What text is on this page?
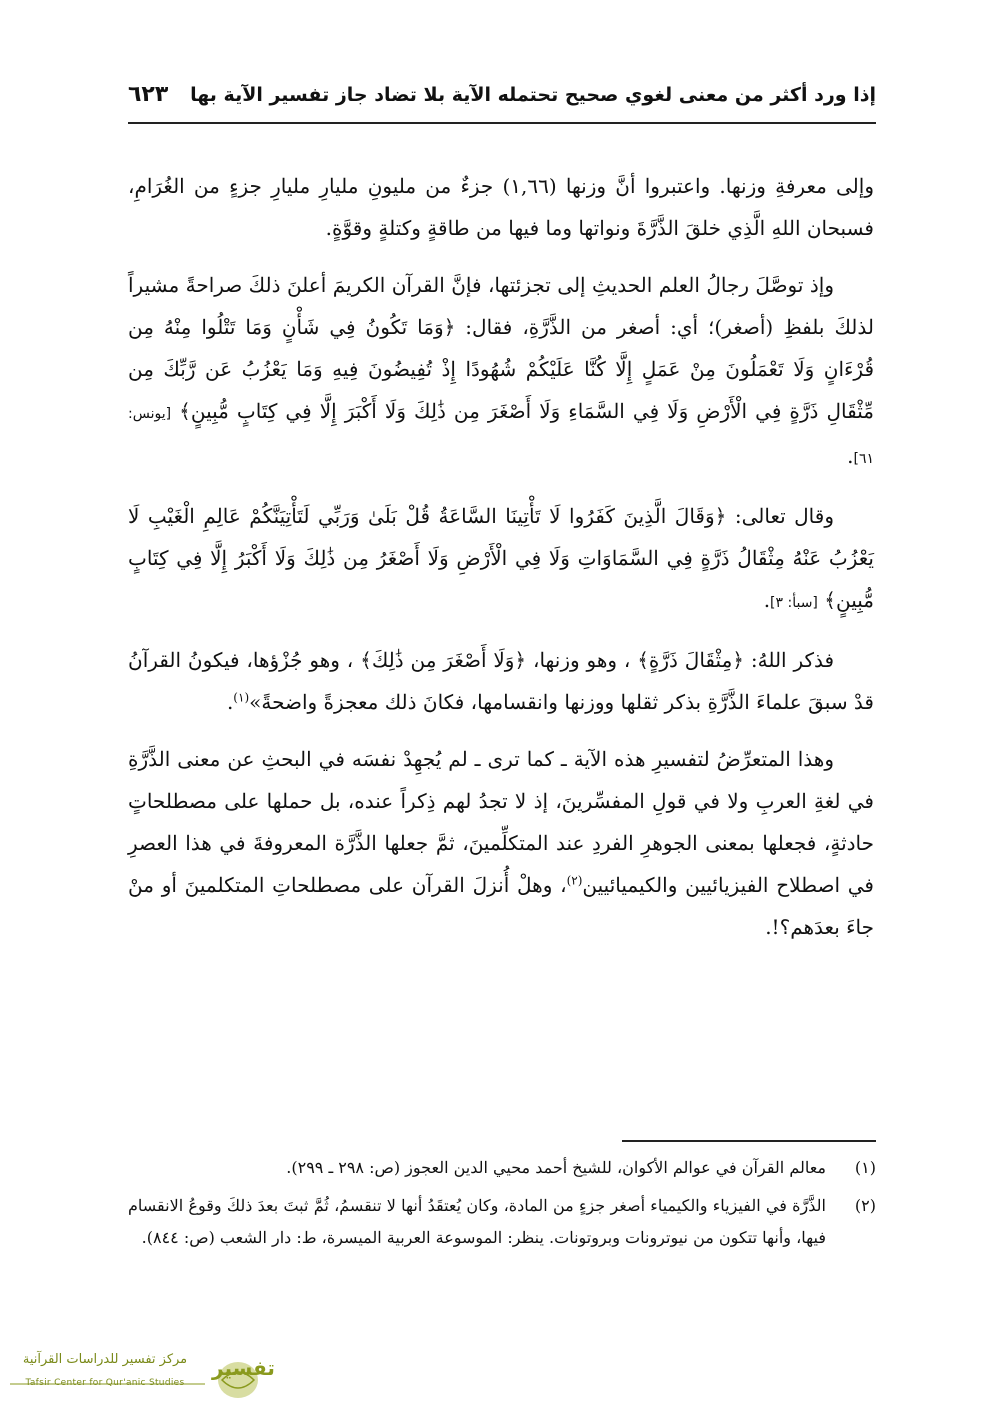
إذا ورد أكثر من معنى لغوي صحيح تحتمله الآية بلا تضاد جاز تفسير الآية بها
٦٢٣

وإلى معرفةِ وزنها. واعتبروا أنَّ وزنها (١,٦٦) جزءٌ من مليونِ مليارِ مليارِ جزءٍ من الغُرَامِ، فسبحان اللهِ الَّذِي خلقَ الذَّرَّةَ ونواتها وما فيها من طاقةٍ وكتلةٍ وقوَّةٍ.

وإذ توصَّلَ رجالُ العلم الحديثِ إلى تجزئتها، فإنَّ القرآن الكريمَ أعلنَ ذلكَ صراحةً مشيراً لذلكَ بلفظِ (أصغر)؛ أي: أصغر من الذَّرَّةِ، فقال: ﴿وَمَا تَكُونُ فِي شَأْنٍ وَمَا تَتْلُوا مِنْهُ مِن قُرْءَانٍ وَلَا تَعْمَلُونَ مِنْ عَمَلٍ إِلَّا كُنَّا عَلَيْكُمْ شُهُودًا إِذْ تُفِيضُونَ فِيهِ وَمَا يَعْزُبُ عَن رَّبِّكَ مِن مِّثْقَالِ ذَرَّةٍ فِي الْأَرْضِ وَلَا فِي السَّمَاءِ وَلَا أَصْغَرَ مِن ذَٰلِكَ وَلَا أَكْبَرَ إِلَّا فِي كِتَابٍ مُّبِينٍ﴾ [يونس: ٦١].

وقال تعالى: ﴿وَقَالَ الَّذِينَ كَفَرُوا لَا تَأْتِينَا السَّاعَةُ قُلْ بَلَىٰ وَرَبِّي لَتَأْتِيَنَّكُمْ عَالِمِ الْغَيْبِ لَا يَعْزُبُ عَنْهُ مِثْقَالُ ذَرَّةٍ فِي السَّمَاوَاتِ وَلَا فِي الْأَرْضِ وَلَا أَصْغَرُ مِن ذَٰلِكَ وَلَا أَكْبَرُ إِلَّا فِي كِتَابٍ مُّبِينٍ﴾ [سبأ: ٣].

فذكر اللهُ: ﴿مِثْقَالَ ذَرَّةٍ﴾ ، وهو وزنها، ﴿وَلَا أَصْغَرَ مِن ذَٰلِكَ﴾ ، وهو جُزْؤها، فيكونُ القرآنُ قدْ سبقَ علماءَ الذَّرَّةِ بذكر ثقلها ووزنها وانقسامها، فكانَ ذلك معجزةً واضحةً»$^{(١)}$.

وهذا المتعرِّضُ لتفسيرِ هذه الآية ـ كما ترى ـ لم يُجهِدْ نفسَه في البحثِ عن معنى الذَّرَّةِ في لغةِ العربِ ولا في قولِ المفسِّرينَ، إذ لا تجدُ لهم ذِكراً عنده، بل حملها على مصطلحاتٍ حادثةٍ، فجعلها بمعنى الجوهرِ الفردِ عند المتكلِّمينَ، ثمَّ جعلها الذَّرَّة المعروفةَ في هذا العصرِ في اصطلاح الفيزيائيين والكيميائيين$^{(٢)}$، وهلْ أُنزلَ القرآن على مصطلحاتِ المتكلمينَ أو منْ جاءَ بعدَهم؟!.

(١)
معالم القرآن في عوالم الأكوان، للشيخ أحمد محيي الدين العجوز (ص: ٢٩٨ ـ ٢٩٩).
(٢)
الذَّرَّة في الفيزياء والكيمياء أصغر جزءٍ من المادة، وكان يُعتقَدُ أنها لا تنقسمُ، ثُمَّ ثبتَ بعدَ ذلكَ وقوعُ الانقسام فيها، وأنها تتكون من نيوترونات وبروتونات. ينظر: الموسوعة العربية الميسرة، ط: دار الشعب (ص: ٨٤٤).
مركز تفسير للدراسات القرآنية
Tafsir Center for Qur'anic Studies
تفسير
